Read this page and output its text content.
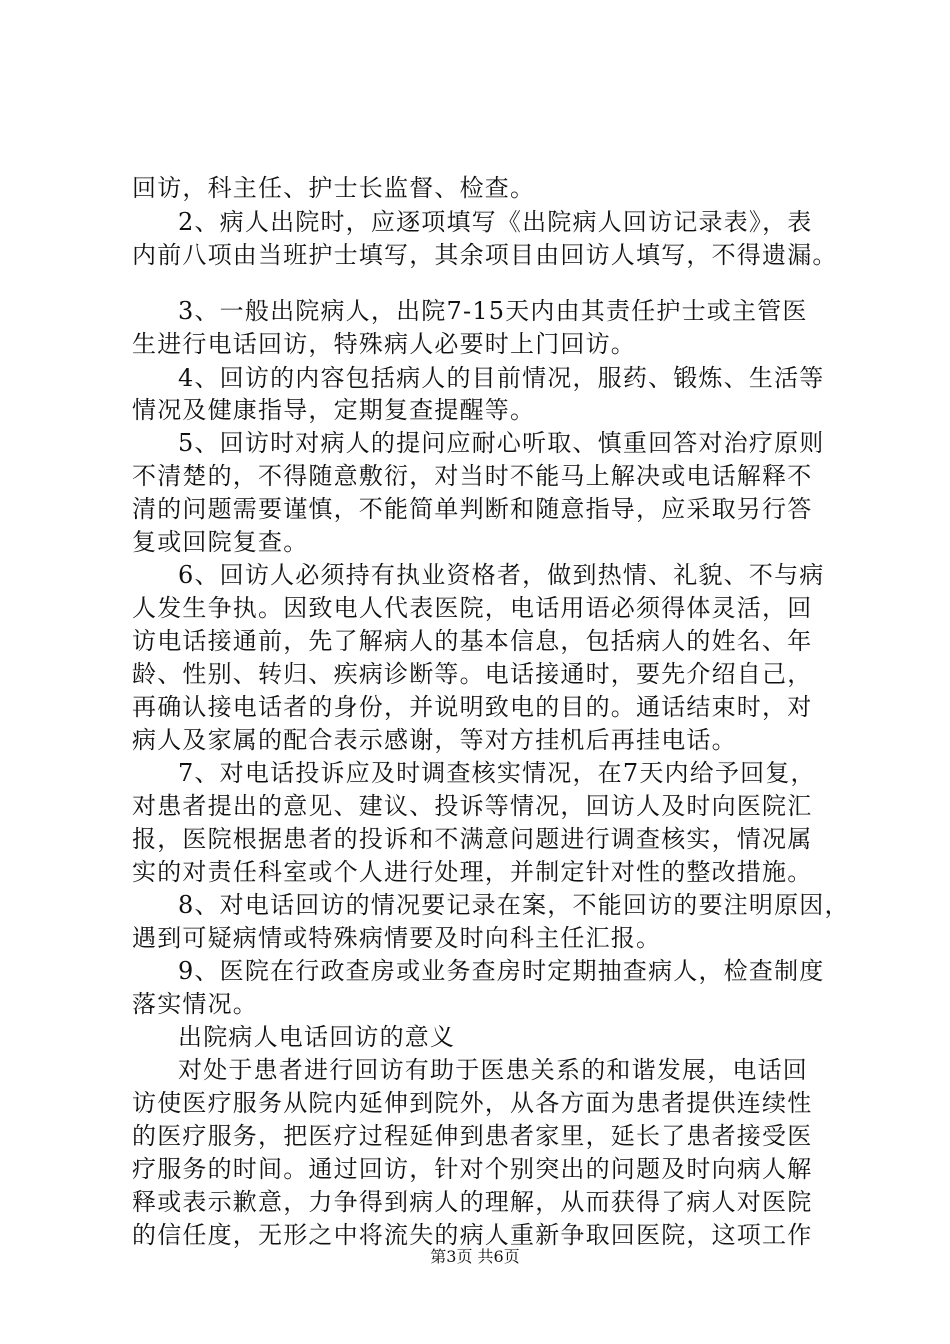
回访，科主任、护士长监督、检查。
2、病人出院时，应逐项填写《出院病人回访记录表》，表
内前八项由当班护士填写，其余项目由回访人填写，不得遗漏。
3、一般出院病人，出院7-15天内由其责任护士或主管医
生进行电话回访，特殊病人必要时上门回访。
4、回访的内容包括病人的目前情况，服药、锻炼、生活等
情况及健康指导，定期复查提醒等。
5、回访时对病人的提问应耐心听取、慎重回答对治疗原则
不清楚的，不得随意敷衍，对当时不能马上解决或电话解释不
清的问题需要谨慎，不能简单判断和随意指导，应采取另行答
复或回院复查。
6、回访人必须持有执业资格者，做到热情、礼貌、不与病
人发生争执。因致电人代表医院，电话用语必须得体灵活，回
访电话接通前，先了解病人的基本信息，包括病人的姓名、年
龄、性别、转归、疾病诊断等。电话接通时，要先介绍自己，
再确认接电话者的身份，并说明致电的目的。通话结束时，对
病人及家属的配合表示感谢，等对方挂机后再挂电话。
7、对电话投诉应及时调查核实情况，在7天内给予回复，
对患者提出的意见、建议、投诉等情况，回访人及时向医院汇
报，医院根据患者的投诉和不满意问题进行调查核实，情况属
实的对责任科室或个人进行处理，并制定针对性的整改措施。
8、对电话回访的情况要记录在案，不能回访的要注明原因，
遇到可疑病情或特殊病情要及时向科主任汇报。
9、医院在行政查房或业务查房时定期抽查病人，检查制度
落实情况。
出院病人电话回访的意义
对处于患者进行回访有助于医患关系的和谐发展，电话回
访使医疗服务从院内延伸到院外，从各方面为患者提供连续性
的医疗服务，把医疗过程延伸到患者家里，延长了患者接受医
疗服务的时间。通过回访，针对个别突出的问题及时向病人解
释或表示歉意，力争得到病人的理解，从而获得了病人对医院
的信任度，无形之中将流失的病人重新争取回医院，这项工作
第3页 共6页
